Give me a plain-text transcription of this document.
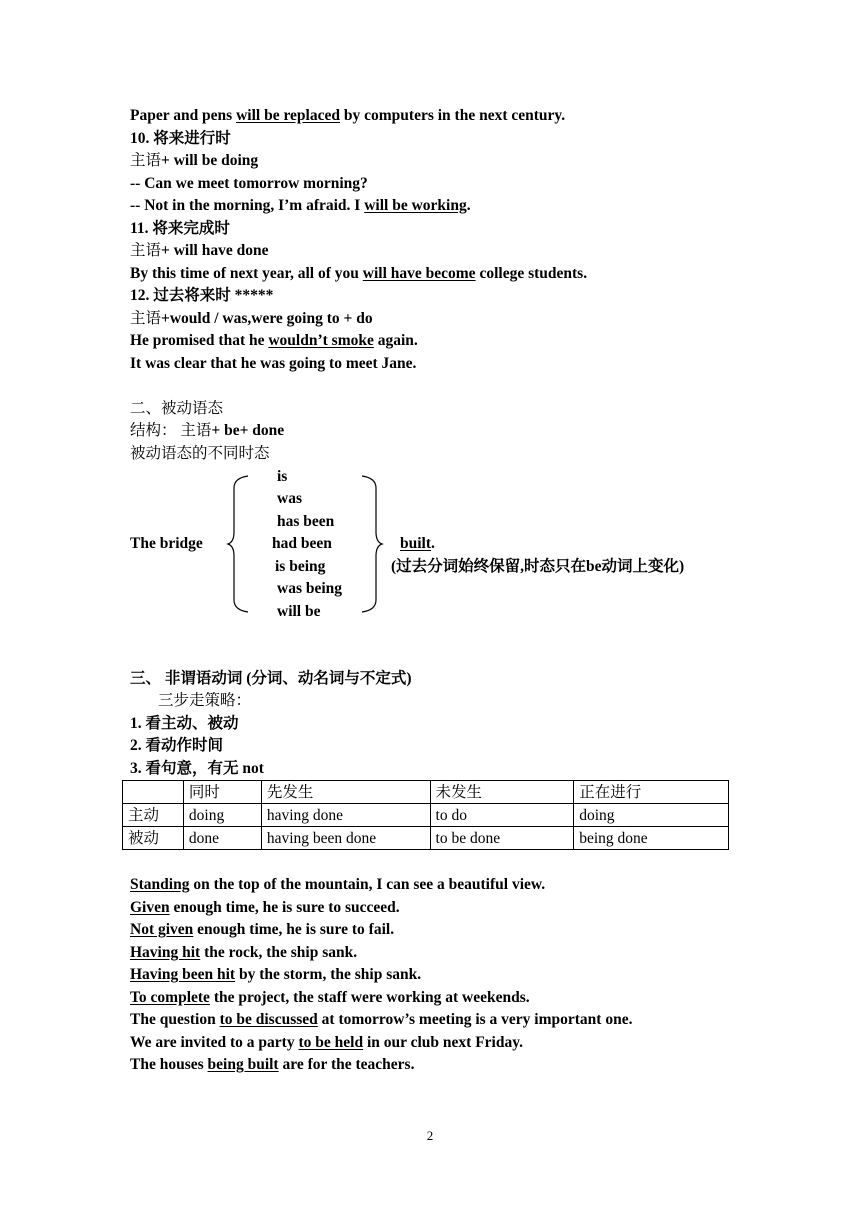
Paper and pens will be replaced by computers in the next century.
10. 将来进行时
主语+ will be doing
-- Can we meet tomorrow morning?
-- Not in the morning, I’m afraid. I will be working.
11. 将来完成时
主语+ will have done
By this time of next year, all of you will have become college students.
12. 过去将来时 *****
主语+would / was,were going to + do
He promised that he wouldn’t smoke again.
It was clear that he was going to meet Jane.
二、被动语态
结构： 主语+ be+ done
被动语态的不同时态
The bridge
is
was
has been
had been
is being
was being
will be
built.
(过去分词始终保留,时态只在be动词上变化)
三、 非谓语动词 (分词、动名词与不定式)
三步走策略：
1. 看主动、被动
2. 看动作时间
3. 看句意，有无 not
	同时	先发生	未发生	正在进行
主动	doing	having done	to do	doing
被动	done	having been done	to be done	being done
Standing on the top of the mountain, I can see a beautiful view.
Given enough time, he is sure to succeed.
Not given enough time, he is sure to fail.
Having hit the rock, the ship sank.
Having been hit by the storm, the ship sank.
To complete the project, the staff were working at weekends.
The question to be discussed at tomorrow’s meeting is a very important one.
We are invited to a party to be held in our club next Friday.
The houses being built are for the teachers.
2
